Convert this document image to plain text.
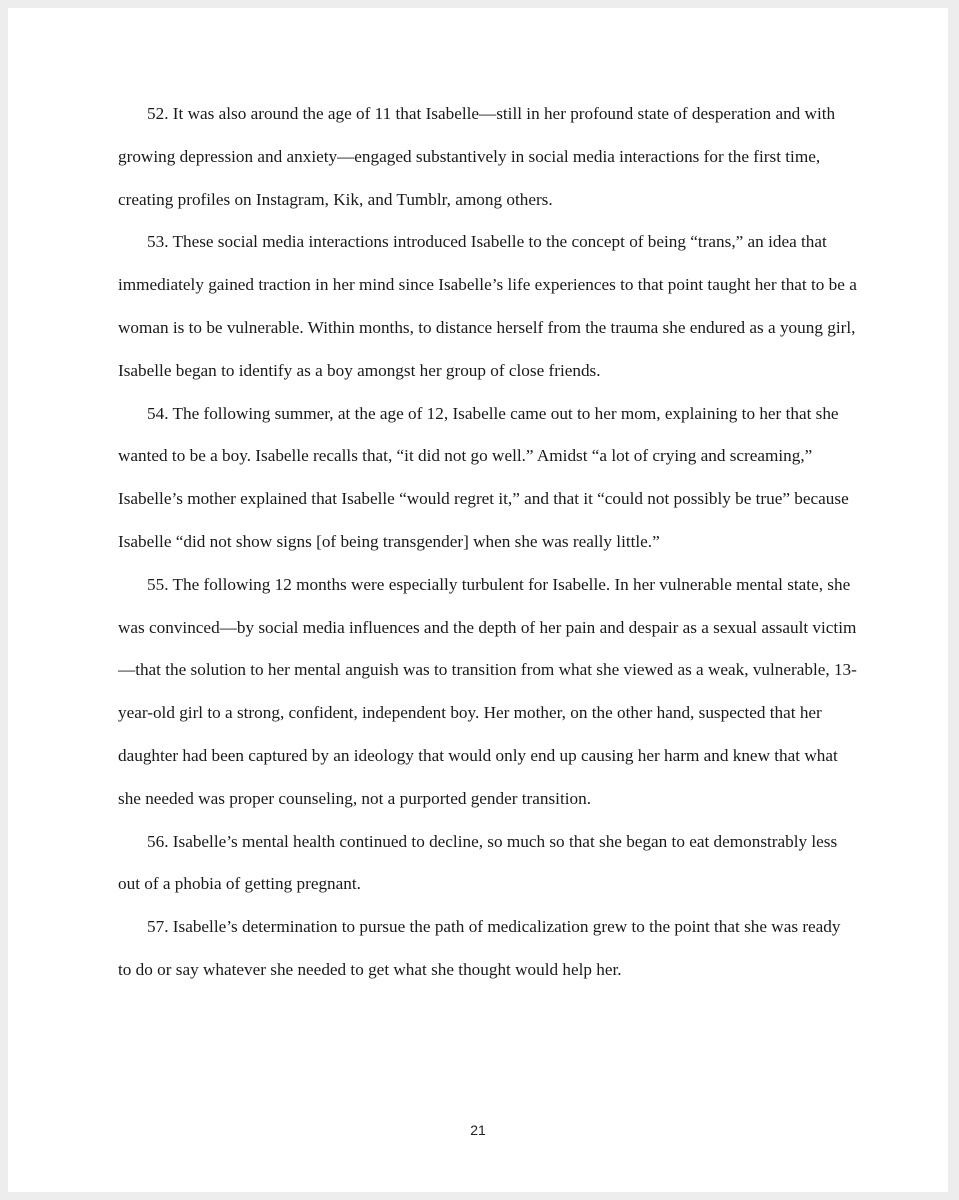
52. It was also around the age of 11 that Isabelle—still in her profound state of desperation and with growing depression and anxiety—engaged substantively in social media interactions for the first time, creating profiles on Instagram, Kik, and Tumblr, among others.

53. These social media interactions introduced Isabelle to the concept of being “trans,” an idea that immediately gained traction in her mind since Isabelle’s life experiences to that point taught her that to be a woman is to be vulnerable. Within months, to distance herself from the trauma she endured as a young girl, Isabelle began to identify as a boy amongst her group of close friends.

54. The following summer, at the age of 12, Isabelle came out to her mom, explaining to her that she wanted to be a boy. Isabelle recalls that, “it did not go well.” Amidst “a lot of crying and screaming,” Isabelle’s mother explained that Isabelle “would regret it,” and that it “could not possibly be true” because Isabelle “did not show signs [of being transgender] when she was really little.”

55. The following 12 months were especially turbulent for Isabelle. In her vulnerable mental state, she was convinced—by social media influences and the depth of her pain and despair as a sexual assault victim—that the solution to her mental anguish was to transition from what she viewed as a weak, vulnerable, 13-year-old girl to a strong, confident, independent boy. Her mother, on the other hand, suspected that her daughter had been captured by an ideology that would only end up causing her harm and knew that what she needed was proper counseling, not a purported gender transition.

56. Isabelle’s mental health continued to decline, so much so that she began to eat demonstrably less out of a phobia of getting pregnant.

57. Isabelle’s determination to pursue the path of medicalization grew to the point that she was ready to do or say whatever she needed to get what she thought would help her.

21
